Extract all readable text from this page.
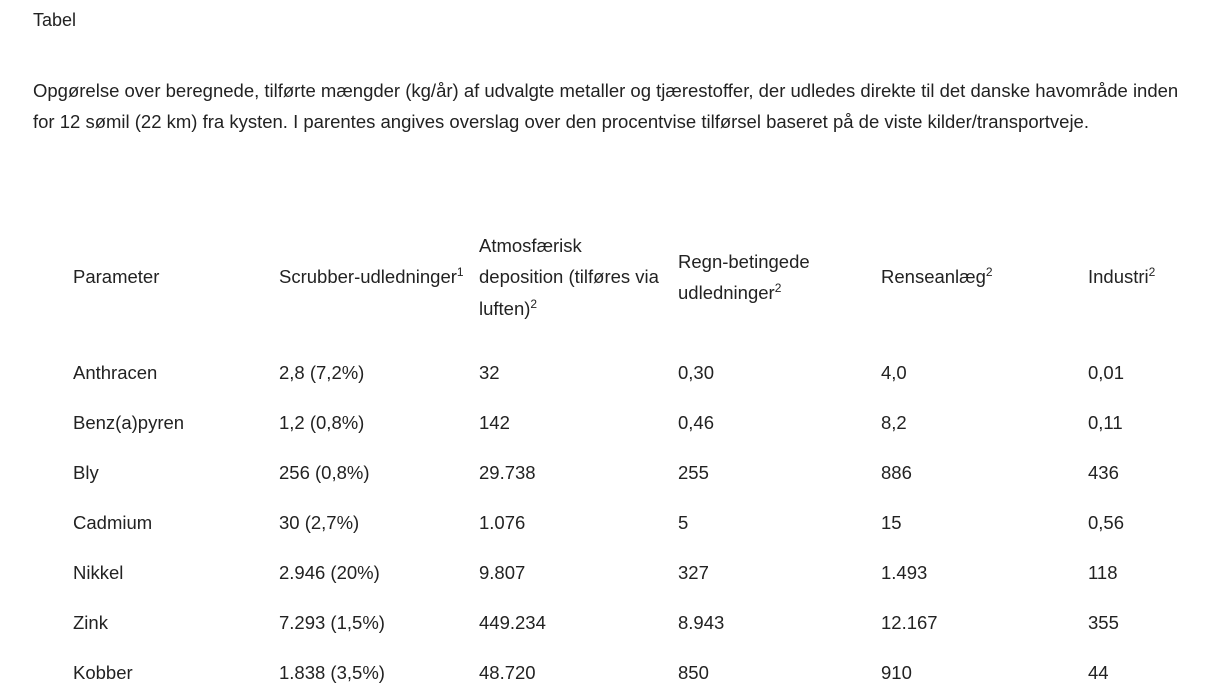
Tabel
Opgørelse over beregnede, tilførte mængder (kg/år) af udvalgte metaller og tjærestoffer, der udledes direkte til det danske havområde inden for 12 sømil (22 km) fra kysten. I parentes angives overslag over den procentvise tilførsel baseret på de viste kilder/transportveje.
Parameter	Scrubber-udledninger$^1$	Atmosfærisk deposition (tilføres via luften)$^2$	Regn-betingede udledninger$^2$	Renseanlæg$^2$	Industri$^2$
Anthracen	2,8 (7,2%)	32	0,30	4,0	0,01
Benz(a)pyren	1,2 (0,8%)	142	0,46	8,2	0,11
Bly	256 (0,8%)	29.738	255	886	436
Cadmium	30 (2,7%)	1.076	5	15	0,56
Nikkel	2.946 (20%)	9.807	327	1.493	118
Zink	7.293 (1,5%)	449.234	8.943	12.167	355
Kobber	1.838 (3,5%)	48.720	850	910	44
